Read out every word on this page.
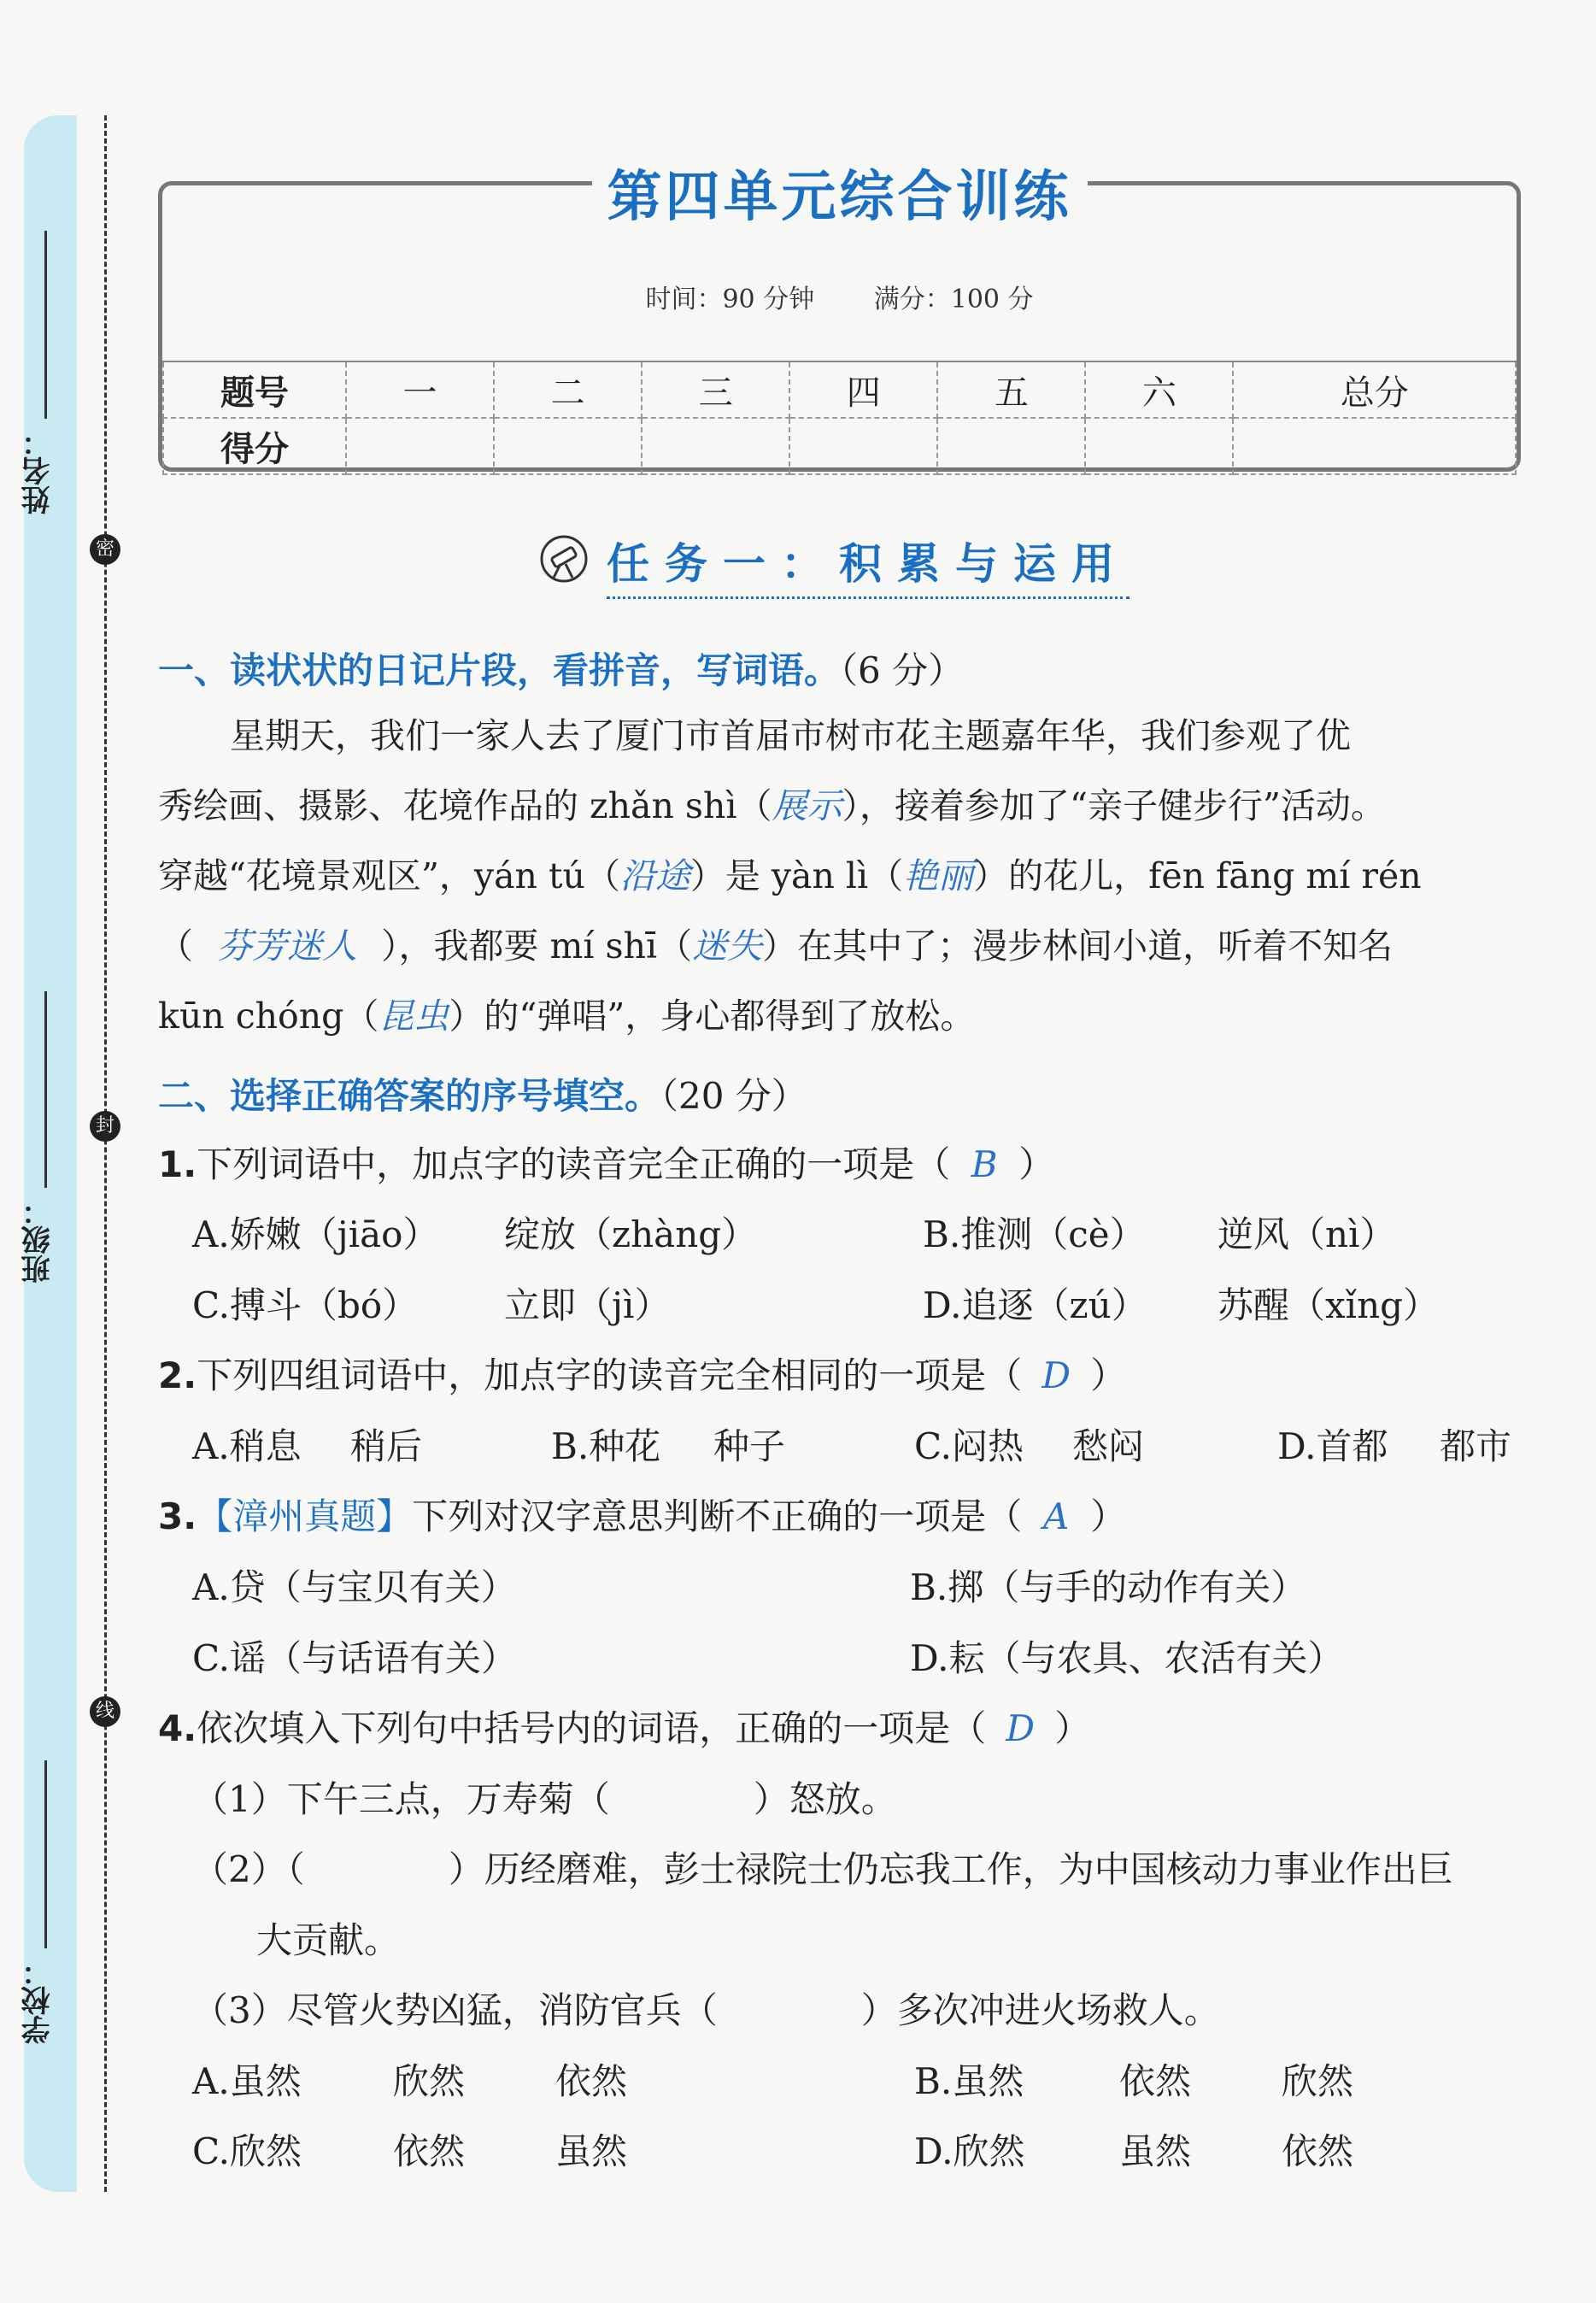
密
封
线
姓名：
班级：
学校：
第四单元综合训练
时间：90 分钟 满分：100 分
题号	一	二	三	四	五	六	总分
得分							
任务一：积累与运用
一、读状状的日记片段，看拼音，写词语。（6 分）
星期天，我们一家人去了厦门市首届市树市花主题嘉年华，我们参观了优
秀绘画、摄影、花境作品的 zhǎn shì（展示），接着参加了“亲子健步行”活动。
穿越“花境景观区”，yán tú（沿途）是 yàn lì（艳丽）的花儿，fēn fāng mí rén
（ 芬芳迷人 ），我都要 mí shī（迷失）在其中了；漫步林间小道，听着不知名
kūn chóng（昆虫）的“弹唱”，身心都得到了放松。
二、选择正确答案的序号填空。（20 分）
1.下列词语中，加点字的读音完全正确的一项是（ B ）
A.娇嫩（jiāo） 绽放（zhàng）	B.推测（cè） 逆风（nì）
C.搏斗（bó） 立即（jì）	D.追逐（zú） 苏醒（xǐng）
2.下列四组词语中，加点字的读音完全相同的一项是（ D ）
A.稍息 稍后	B.种花 种子	C.闷热 愁闷	D.首都 都市
3.【漳州真题】下列对汉字意思判断不正确的一项是（ A ）
A.贷（与宝贝有关）	B.掷（与手的动作有关）
C.谣（与话语有关）	D.耘（与农具、农活有关）
4.依次填入下列句中括号内的词语，正确的一项是（ D ）
（1）下午三点，万寿菊（　　　　）怒放。
（2）（　　　　）历经磨难，彭士禄院士仍忘我工作，为中国核动力事业作出巨
大贡献。
（3）尽管火势凶猛，消防官兵（　　　　）多次冲进火场救人。
A.虽然	欣然	依然	B.虽然	依然	欣然
C.欣然	依然	虽然	D.欣然	虽然	依然
